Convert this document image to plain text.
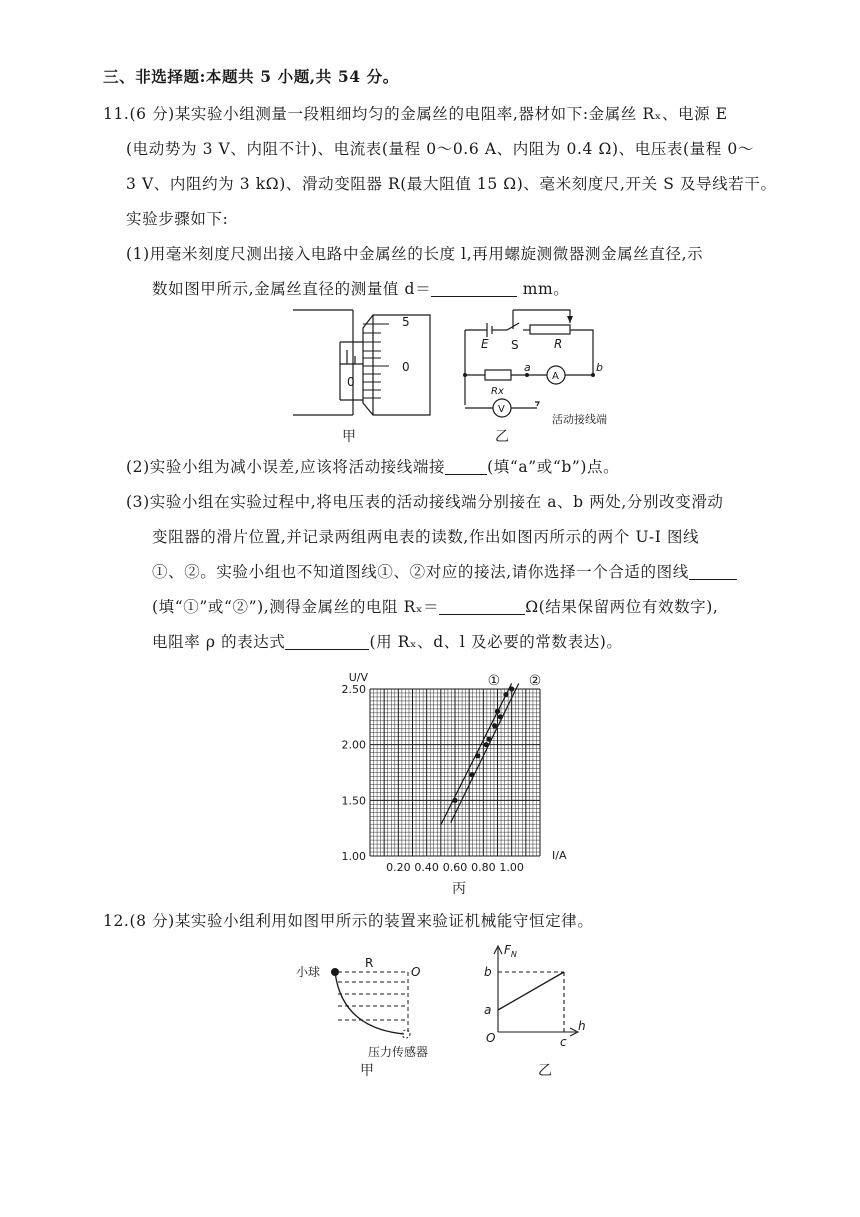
三、非选择题:本题共 5 小题,共 54 分。
11.(6 分)某实验小组测量一段粗细均匀的金属丝的电阻率,器材如下:金属丝 Rₓ、电源 E
(电动势为 3 V、内阻不计)、电流表(量程 0～0.6 A、内阻为 0.4 Ω)、电压表(量程 0～
3 V、内阻约为 3 kΩ)、滑动变阻器 R(最大阻值 15 Ω)、毫米刻度尺,开关 S 及导线若干。
实验步骤如下:
(1)用毫米刻度尺测出接入电路中金属丝的长度 l,再用螺旋测微器测金属丝直径,示
数如图甲所示,金属丝直径的测量值 d＝	mm。
5
0
0
甲
E S	R
a	b
Rx
A
V
活动接线端
乙
(2)实验小组为减小误差,应该将活动接线端接	(填“a”或“b”)点。
(3)实验小组在实验过程中,将电压表的活动接线端分别接在 a、b 两处,分别改变滑动
变阻器的滑片位置,并记录两组两电表的读数,作出如图丙所示的两个 U-I 图线
①、②。实验小组也不知道图线①、②对应的接法,请你选择一个合适的图线
(填“①”或“②”),测得金属丝的电阻 Rₓ＝	Ω(结果保留两位有效数字),
电阻率 ρ 的表达式	(用 Rₓ、d、l 及必要的常数表达)。
0.20 0.40 0.60 0.80 1.00
1.00
1.50
2.00
2.50
① ②
U/V
I/A
丙
12.(8 分)某实验小组利用如图甲所示的装置来验证机械能守恒定律。
小球
R
O
压力传感器
甲
$F_N$
b
a
O	c
h
乙
